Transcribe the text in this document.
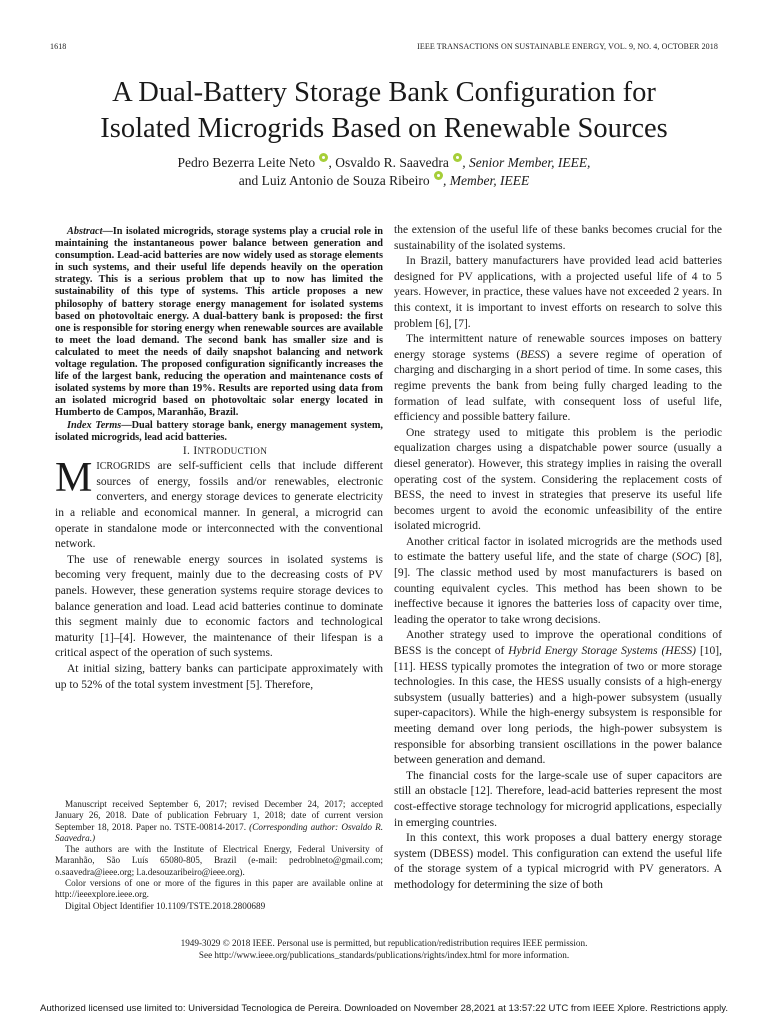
1618	IEEE TRANSACTIONS ON SUSTAINABLE ENERGY, VOL. 9, NO. 4, OCTOBER 2018
A Dual-Battery Storage Bank Configuration for
Isolated Microgrids Based on Renewable Sources
Pedro Bezerra Leite Neto , Osvaldo R. Saavedra , Senior Member, IEEE,
and Luiz Antonio de Souza Ribeiro , Member, IEEE

Abstract—In isolated microgrids, storage systems play a crucial role in maintaining the instantaneous power balance between generation and consumption. Lead-acid batteries are now widely used as storage elements in such systems, and their useful life depends heavily on the operation strategy. This is a serious problem that up to now has limited the sustainability of this type of systems. This article proposes a new philosophy of battery storage energy management for isolated systems based on photovoltaic energy. A dual-battery bank is proposed: the first one is responsible for storing energy when renewable sources are available to meet the load demand. The second bank has smaller size and is calculated to meet the needs of daily snapshot balancing and network voltage regulation. The proposed configuration significantly increases the life of the largest bank, reducing the operation and maintenance costs of isolated systems by more than 19%. Results are reported using data from an isolated microgrid based on photovoltaic solar energy located in Humberto de Campos, Maranhão, Brazil.

Index Terms—Dual battery storage bank, energy management system, isolated microgrids, lead acid batteries.

I. INTRODUCTION

MICROGRIDS are self-sufficient cells that include different sources of energy, fossils and/or renewables, electronic converters, and energy storage devices to generate electricity in a reliable and economical manner. In general, a microgrid can operate in standalone mode or interconnected with the conventional network.

The use of renewable energy sources in isolated systems is becoming very frequent, mainly due to the decreasing costs of PV panels. However, these generation systems require storage devices to balance generation and load. Lead acid batteries continue to dominate this segment mainly due to economic factors and technological maturity [1]–[4]. However, the maintenance of their lifespan is a critical aspect of the operation of such systems.

At initial sizing, battery banks can participate approximately with up to 52% of the total system investment [5]. Therefore,

Manuscript received September 6, 2017; revised December 24, 2017; accepted January 26, 2018. Date of publication February 1, 2018; date of current version September 18, 2018. Paper no. TSTE-00814-2017. (Corresponding author: Osvaldo R. Saavedra.)

The authors are with the Institute of Electrical Energy, Federal University of Maranhão, São Luís 65080-805, Brazil (e-mail: pedroblneto@gmail.com; o.saavedra@ieee.org; l.a.desouzaribeiro@ieee.org).

Color versions of one or more of the figures in this paper are available online at http://ieeexplore.ieee.org.

Digital Object Identifier 10.1109/TSTE.2018.2800689

the extension of the useful life of these banks becomes crucial for the sustainability of the isolated systems.

In Brazil, battery manufacturers have provided lead acid batteries designed for PV applications, with a projected useful life of 4 to 5 years. However, in practice, these values have not exceeded 2 years. In this context, it is important to invest efforts on research to solve this problem [6], [7].

The intermittent nature of renewable sources imposes on battery energy storage systems (BESS) a severe regime of operation of charging and discharging in a short period of time. In some cases, this regime prevents the bank from being fully charged leading to the formation of lead sulfate, with consequent loss of useful life, efficiency and possible battery failure.

One strategy used to mitigate this problem is the periodic equalization charges using a dispatchable power source (usually a diesel generator). However, this strategy implies in raising the overall operating cost of the system. Considering the replacement costs of BESS, the need to invest in strategies that preserve its useful life becomes urgent to avoid the economic unfeasibility of the entire isolated microgrid.

Another critical factor in isolated microgrids are the methods used to estimate the battery useful life, and the state of charge (SOC) [8], [9]. The classic method used by most manufacturers is based on counting equivalent cycles. This method has been shown to be ineffective because it ignores the batteries loss of capacity over time, leading the operator to take wrong decisions.

Another strategy used to improve the operational conditions of BESS is the concept of Hybrid Energy Storage Systems (HESS) [10], [11]. HESS typically promotes the integration of two or more storage technologies. In this case, the HESS usually consists of a high-energy subsystem (usually batteries) and a high-power subsystem (usually super-capacitors). While the high-energy subsystem is responsible for meeting demand over long periods, the high-power subsystem is responsible for absorbing transient oscillations in the power balance between generation and demand.

The financial costs for the large-scale use of super capacitors are still an obstacle [12]. Therefore, lead-acid batteries represent the most cost-effective storage technology for microgrid applications, especially in emerging countries.

In this context, this work proposes a dual battery energy storage system (DBESS) model. This configuration can extend the useful life of the storage system of a typical microgrid with PV generators. A methodology for determining the size of both

1949-3029 © 2018 IEEE. Personal use is permitted, but republication/redistribution requires IEEE permission.
See http://www.ieee.org/publications_standards/publications/rights/index.html for more information.
Authorized licensed use limited to: Universidad Tecnologica de Pereira. Downloaded on November 28,2021 at 13:57:22 UTC from IEEE Xplore. Restrictions apply.
